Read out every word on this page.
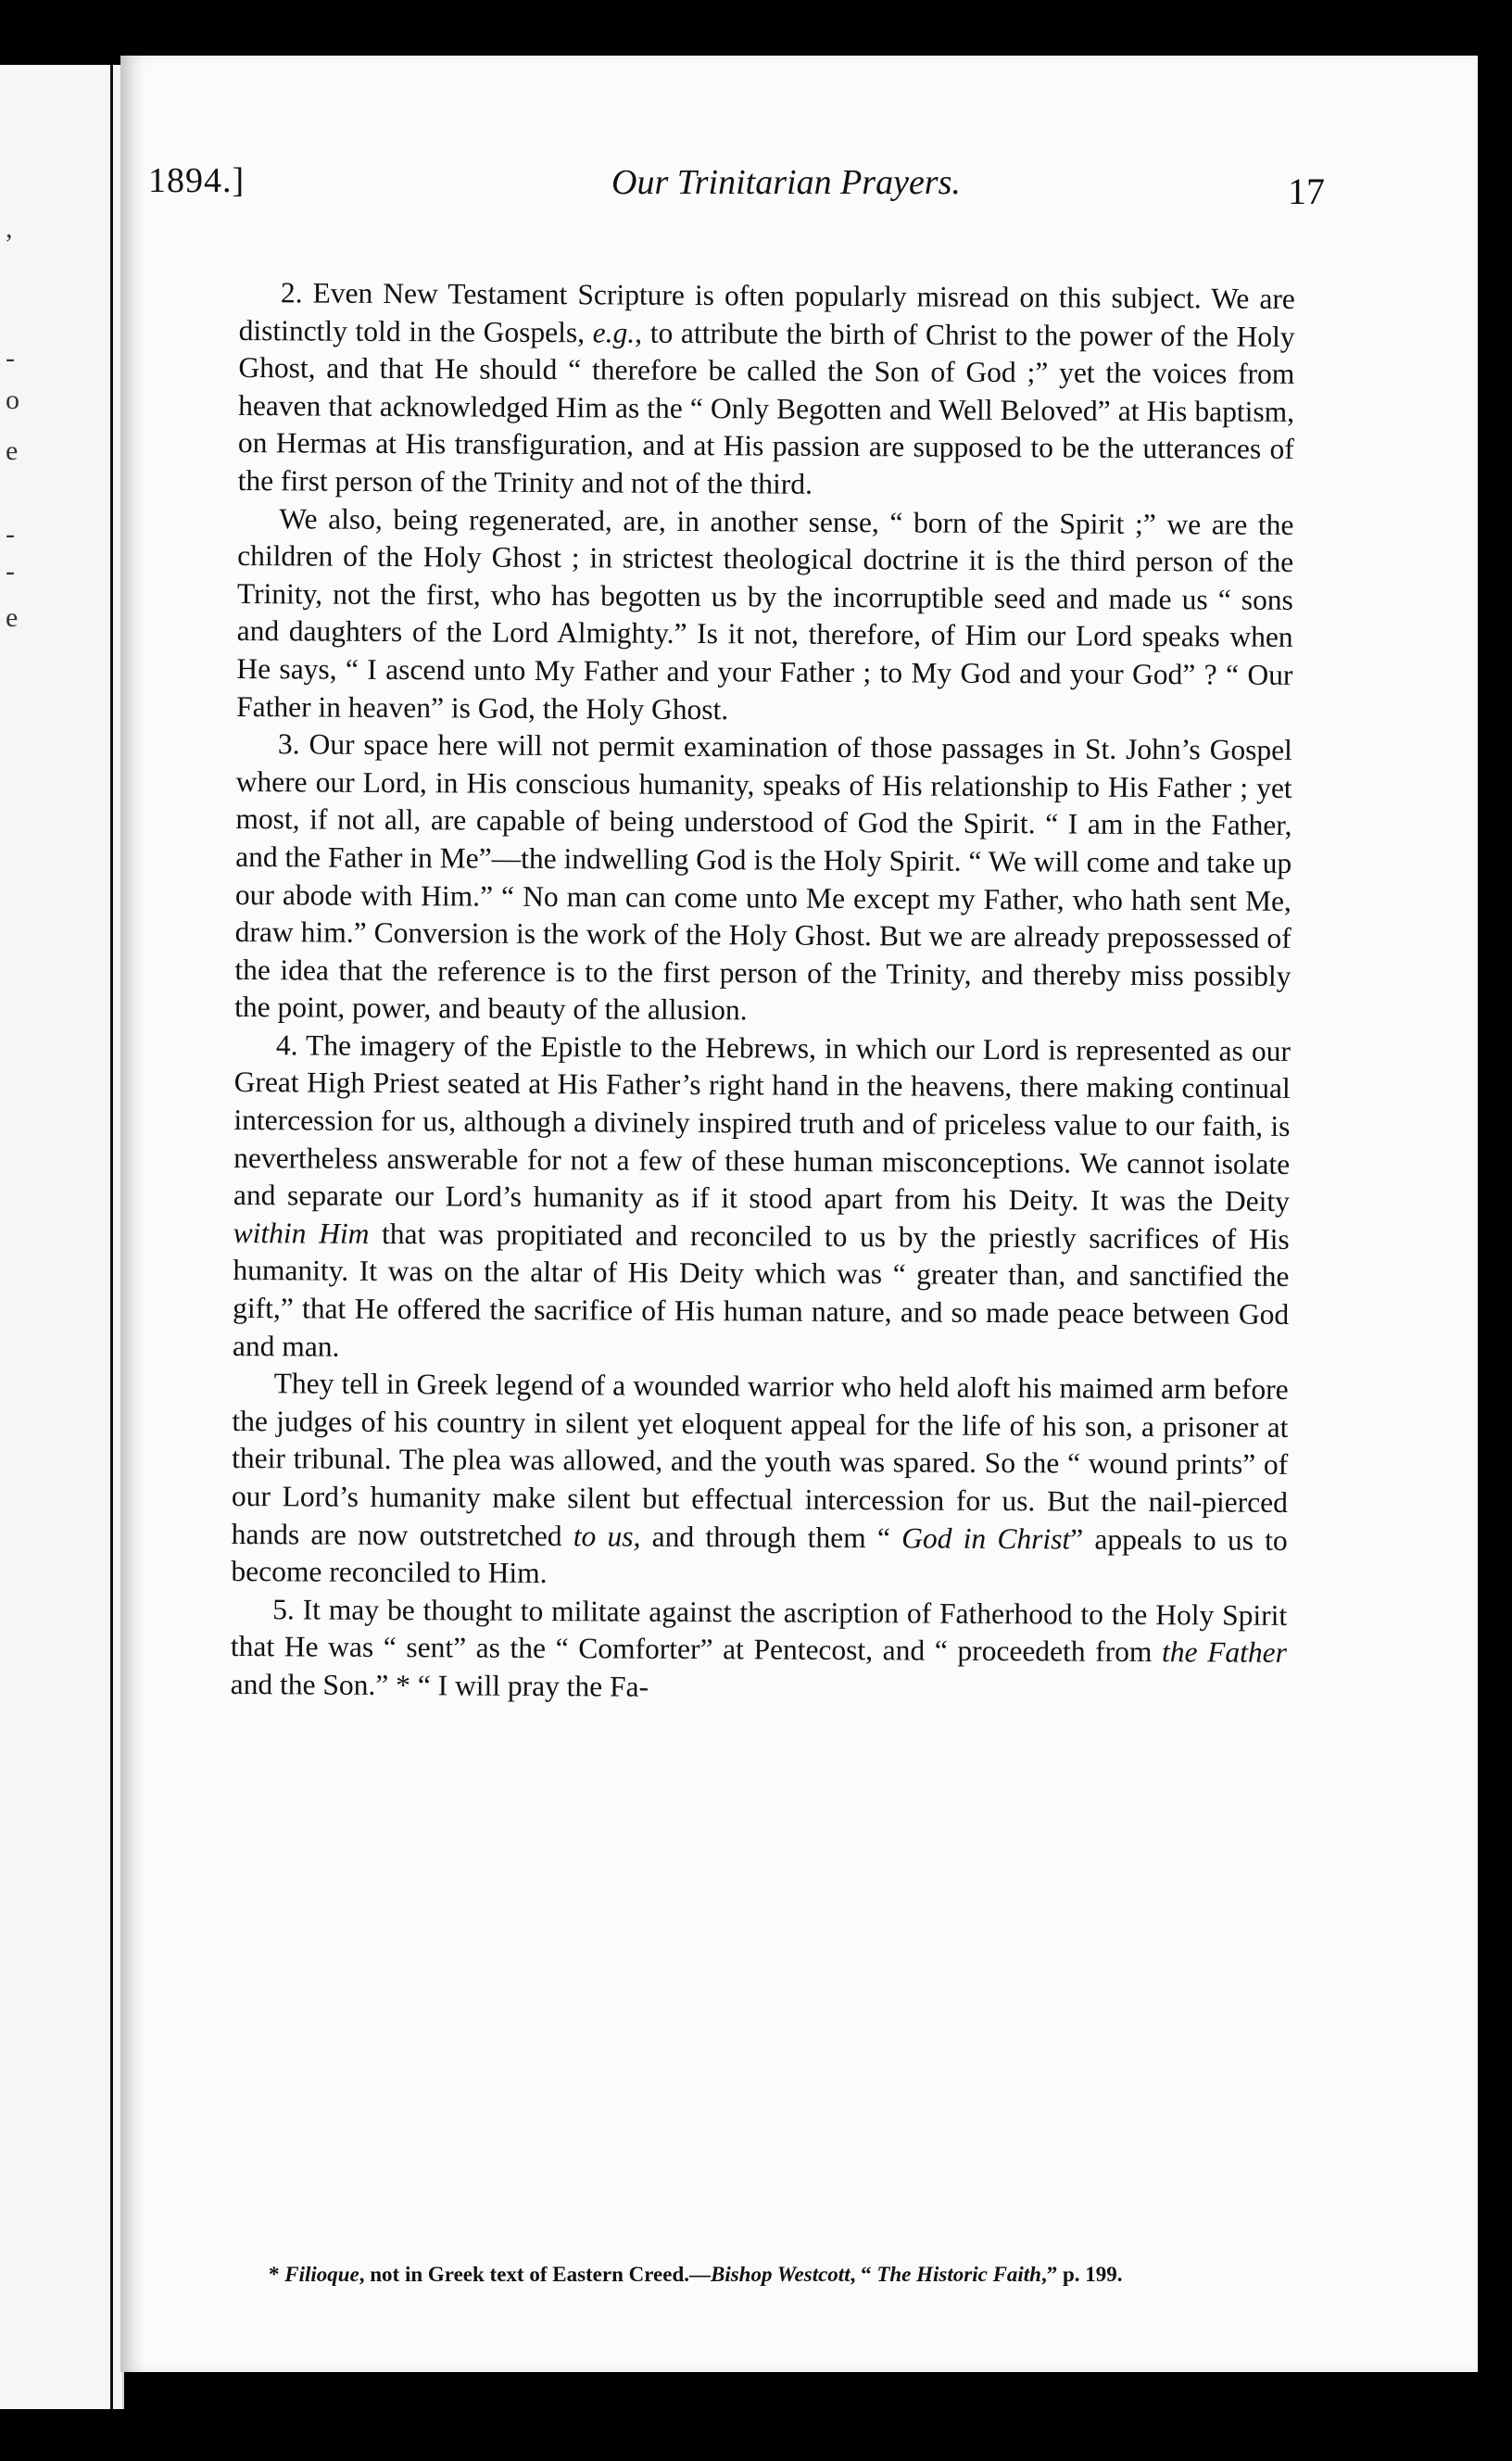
,
-
o
e
-
e
-
1894.]	Our Trinitarian Prayers.	17

2. Even New Testament Scripture is often popularly misread on this subject. We are distinctly told in the Gospels, e.g., to attribute the birth of Christ to the power of the Holy Ghost, and that He should “ therefore be called the Son of God ;” yet the voices from heaven that acknowledged Him as the “ Only Begotten and Well Beloved” at His baptism, on Hermas at His transfiguration, and at His passion are supposed to be the utterances of the first person of the Trinity and not of the third.

We also, being regenerated, are, in another sense, “ born of the Spirit ;” we are the children of the Holy Ghost ; in strictest theological doctrine it is the third person of the Trinity, not the first, who has begotten us by the incorruptible seed and made us “ sons and daughters of the Lord Almighty.” Is it not, therefore, of Him our Lord speaks when He says, “ I ascend unto My Father and your Father ; to My God and your God” ? “ Our Father in heaven” is God, the Holy Ghost.

3. Our space here will not permit examination of those passages in St. John’s Gospel where our Lord, in His conscious humanity, speaks of His relationship to His Father ; yet most, if not all, are capable of being understood of God the Spirit. “ I am in the Father, and the Father in Me”—the indwelling God is the Holy Spirit. “ We will come and take up our abode with Him.” “ No man can come unto Me except my Father, who hath sent Me, draw him.” Conversion is the work of the Holy Ghost. But we are already prepossessed of the idea that the reference is to the first person of the Trinity, and thereby miss possibly the point, power, and beauty of the allusion.

4. The imagery of the Epistle to the Hebrews, in which our Lord is represented as our Great High Priest seated at His Father’s right hand in the heavens, there making continual intercession for us, although a divinely inspired truth and of priceless value to our faith, is nevertheless answerable for not a few of these human misconceptions. We cannot isolate and separate our Lord’s humanity as if it stood apart from his Deity. It was the Deity within Him that was propitiated and reconciled to us by the priestly sacrifices of His humanity. It was on the altar of His Deity which was “ greater than, and sanctified the gift,” that He offered the sacrifice of His human nature, and so made peace between God and man.

They tell in Greek legend of a wounded warrior who held aloft his maimed arm before the judges of his country in silent yet eloquent appeal for the life of his son, a prisoner at their tribunal. The plea was allowed, and the youth was spared. So the “ wound prints” of our Lord’s humanity make silent but effectual intercession for us. But the nail-pierced hands are now outstretched to us, and through them “ God in Christ” appeals to us to become reconciled to Him.

5. It may be thought to militate against the ascription of Fatherhood to the Holy Spirit that He was “ sent” as the “ Comforter” at Pentecost, and “ proceedeth from the Father and the Son.” * “ I will pray the Fa-

* Filioque, not in Greek text of Eastern Creed.—Bishop Westcott, “ The Historic Faith,” p. 199.
